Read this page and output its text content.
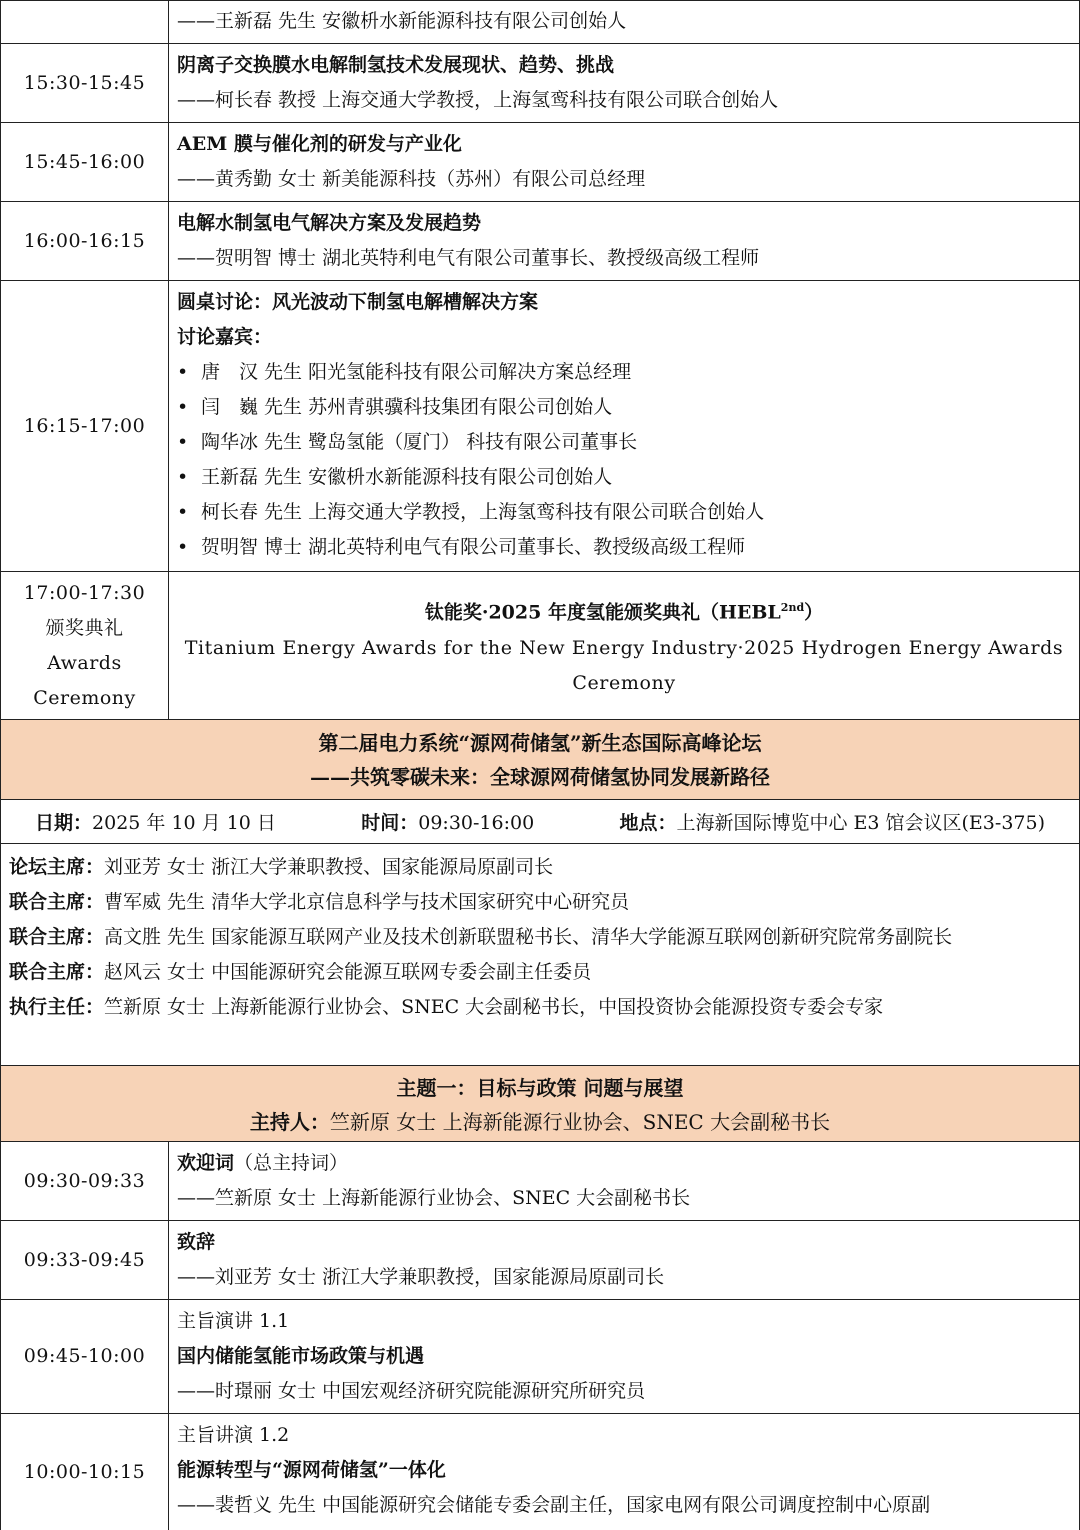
——王新磊 先生 安徽枡水新能源科技有限公司创始人
15:30-15:45
阴离子交换膜水电解制氢技术发展现状、趋势、挑战
——柯长春 教授 上海交通大学教授，上海氢鸾科技有限公司联合创始人
15:45-16:00
AEM 膜与催化剂的研发与产业化
——黄秀勤 女士 新美能源科技（苏州）有限公司总经理
16:00-16:15
电解水制氢电气解决方案及发展趋势
——贺明智 博士 湖北英特利电气有限公司董事长、教授级高级工程师
16:15-17:00
圆桌讨论：风光波动下制氢电解槽解决方案
讨论嘉宾：
• 唐　汉 先生 阳光氢能科技有限公司解决方案总经理
• 闫　巍 先生 苏州青骐骥科技集团有限公司创始人
• 陶华冰 先生 鹭岛氢能（厦门） 科技有限公司董事长
• 王新磊 先生 安徽枡水新能源科技有限公司创始人
• 柯长春 先生 上海交通大学教授，上海氢鸾科技有限公司联合创始人
• 贺明智 博士 湖北英特利电气有限公司董事长、教授级高级工程师
17:00-17:30
颁奖典礼
Awards
Ceremony
钛能奖·2025 年度氢能颁奖典礼$(HEBL^{2nd})$
Titanium Energy Awards for the New Energy Industry·2025 Hydrogen Energy Awards Ceremony
第二届电力系统“源网荷储氢”新生态国际高峰论坛
——共筑零碳未来：全球源网荷储氢协同发展新路径
日期：2025 年 10 月 10 日	时间：09:30-16:00	地点：上海新国际博览中心 E3 馆会议区(E3-375)
论坛主席：刘亚芳 女士 浙江大学兼职教授、国家能源局原副司长
联合主席：曹军威 先生 清华大学北京信息科学与技术国家研究中心研究员
联合主席：高文胜 先生 国家能源互联网产业及技术创新联盟秘书长、清华大学能源互联网创新研究院常务副院长
联合主席：赵风云 女士 中国能源研究会能源互联网专委会副主任委员
执行主任：竺新原 女士 上海新能源行业协会、SNEC 大会副秘书长，中国投资协会能源投资专委会专家
主题一：目标与政策 问题与展望
主持人：竺新原 女士 上海新能源行业协会、SNEC 大会副秘书长
09:30-09:33
欢迎词（总主持词）
——竺新原 女士 上海新能源行业协会、SNEC 大会副秘书长
09:33-09:45
致辞
——刘亚芳 女士 浙江大学兼职教授，国家能源局原副司长
09:45-10:00
主旨演讲 1.1
国内储能氢能市场政策与机遇
——时璟丽 女士 中国宏观经济研究院能源研究所研究员
10:00-10:15
主旨讲演 1.2
能源转型与“源网荷储氢”一体化
——裴哲义 先生 中国能源研究会储能专委会副主任，国家电网有限公司调度控制中心原副
